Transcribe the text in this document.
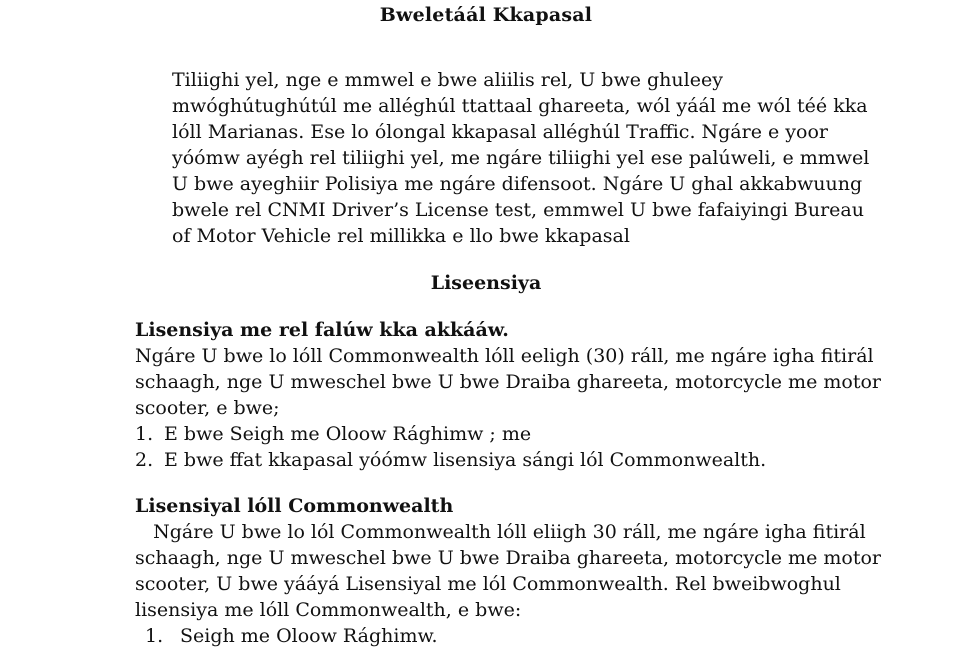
Bweletáál Kkapasal
Tiliighi yel, nge e mmwel e bwe aliilis rel, U bwe ghuleey
mwóghútughútúl me alléghúl ttattaal ghareeta, wól yáál me wól téé kka
lóll Marianas. Ese lo ólongal kkapasal alléghúl Traffic. Ngáre e yoor
yóómw ayégh rel tiliighi yel, me ngáre tiliighi yel ese palúweli, e mmwel
U bwe ayeghiir Polisiya me ngáre difensoot. Ngáre U ghal akkabwuung
bwele rel CNMI Driver’s License test, emmwel U bwe fafaiyingi Bureau
of Motor Vehicle rel millikka e llo bwe kkapasal
Liseensiya
Lisensiya me rel falúw kka akkááw.
Ngáre U bwe lo lóll Commonwealth lóll eeligh (30) ráll, me ngáre igha fitirál
schaagh, nge U mweschel bwe U bwe Draiba ghareeta, motorcycle me motor
scooter, e bwe;
1. E bwe Seigh me Oloow Rághimw ; me
2. E bwe ffat kkapasal yóómw lisensiya sángi lól Commonwealth.
Lisensiyal lóll Commonwealth
Ngáre U bwe lo lól Commonwealth lóll eliigh 30 ráll, me ngáre igha fitirál
schaagh, nge U mweschel bwe U bwe Draiba ghareeta, motorcycle me motor
scooter, U bwe yááyá Lisensiyal me lól Commonwealth. Rel bweibwoghul
lisensiya me lóll Commonwealth, e bwe:
1. Seigh me Oloow Rághimw.
